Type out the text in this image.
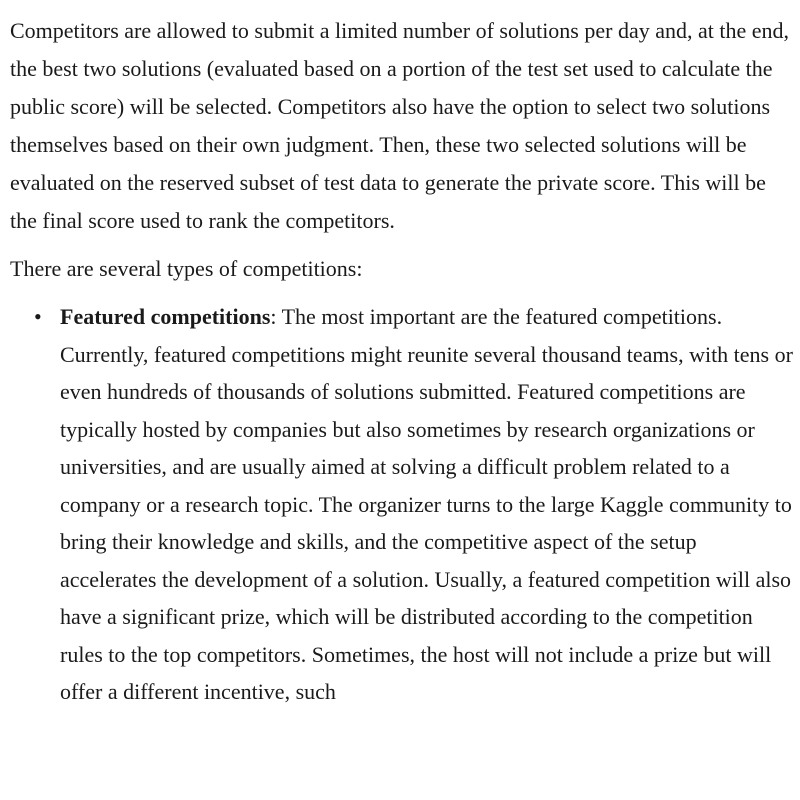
Competitors are allowed to submit a limited number of solutions per day and, at the end, the best two solutions (evaluated based on a portion of the test set used to calculate the public score) will be selected. Competitors also have the option to select two solutions themselves based on their own judgment. Then, these two selected solutions will be evaluated on the reserved subset of test data to generate the private score. This will be the final score used to rank the competitors.

There are several types of competitions:

• Featured competitions: The most important are the featured competitions. Currently, featured competitions might reunite several thousand teams, with tens or even hundreds of thousands of solutions submitted. Featured competitions are typically hosted by companies but also sometimes by research organizations or universities, and are usually aimed at solving a difficult problem related to a company or a research topic. The organizer turns to the large Kaggle community to bring their knowledge and skills, and the competitive aspect of the setup accelerates the development of a solution. Usually, a featured competition will also have a significant prize, which will be distributed according to the competition rules to the top competitors. Sometimes, the host will not include a prize but will offer a different incentive, such
